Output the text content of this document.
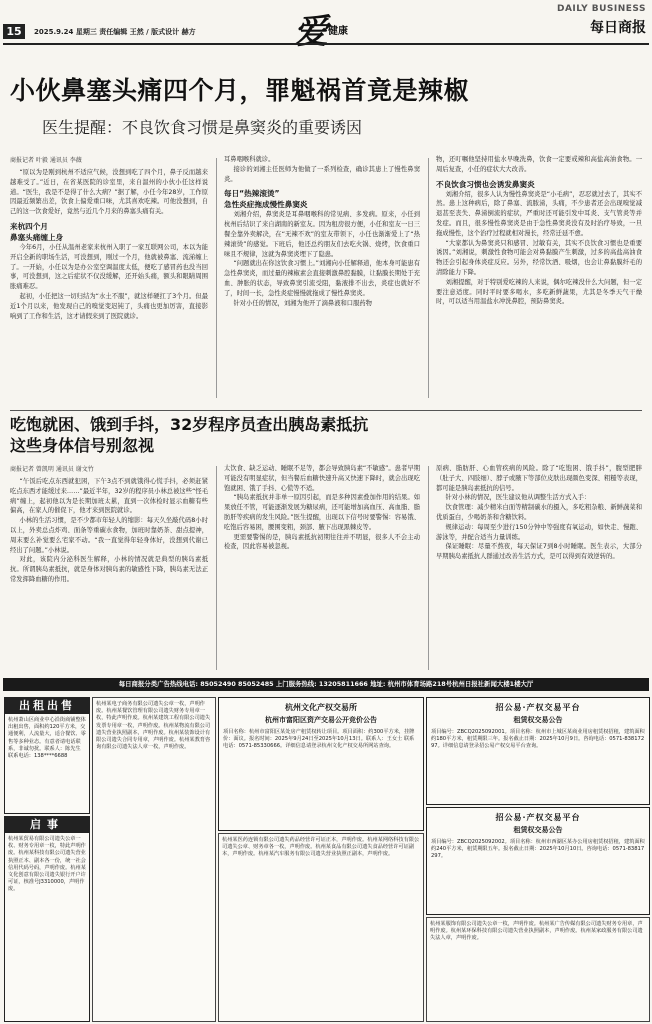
15	2025.9.24 星期三 责任编辑 王然 / 版式设计 赫方	爱 健康
DAILY BUSINESS
每日商报
小伙鼻塞头痛四个月，罪魁祸首竟是辣椒
医生提醒：不良饮食习惯是鼻窦炎的重要诱因
商报记者 叶毅 通讯员 李薇
“原以为是刚到杭州不适应气候，没想到吃了四个月，鼻子反而越来越难受了。”近日，在省某医院的诊室里，来自温州的小伙小任这样说道。“医生，我是不是得了什么大病？”据了解，小任今年28岁，工作原因最近频繁出差，饮食上偏爱重口味，尤其喜欢吃辣。可他没想到，自己的这一饮食爱好，竟然与近几个月来的鼻塞头痛有关。
来杭四个月
鼻塞头痛缠上身
今年6月，小任从温州老家来杭州入职了一家互联网公司，本以为能开启全新的职场生活，可没想到，刚过一个月，他就被鼻塞、流涕缠上了。一开始，小任以为是办公室空调温度太低，便吃了感冒药也没当回事，可没想到，这之后症状不仅没缓解，还开始头痛，额头和眼睛周围胀痛难忍。
起初，小任把这一切归结为“水土不服”，就这样硬扛了3个月。但最近1个月以来，他发现自己的嗅觉变迟钝了，头痛也更加厉害，直接影响到了工作和生活，这才请假来到了医院就诊。
耳鼻咽喉科就诊。
接诊的刘湘主任医师为他做了一系列检查，确诊其患上了慢性鼻窦炎。
每日“热辣滚烫”
急性炎症拖成慢性鼻窦炎
刘湘介绍，鼻窦炎是耳鼻咽喉科的常见病、多发病。原来，小任到杭州后结识了来自湖南的新室友。因为租房很方便，小任和室友一日三餐全靠外卖解决，在“无辣不欢”的室友带领下，小任也渐渐爱上了“热辣滚烫”的感觉。下班后，他还总约朋友们去吃火锅、烧烤，饮食重口味且不规律，这就为鼻窦炎埋下了隐患。
“问题就出在你这饮食习惯上。”刘湘向小任解释道，他本身可能患有急性鼻窦炎，而过量的辣椒素会直接刺激鼻腔黏膜，让黏膜长期处于充血、肿胀的状态，导致鼻窦引流受阻，黏液排不出去，炎症也就好不了，时间一长，急性炎症慢慢就拖成了慢性鼻窦炎。
针对小任的情况，刘湘为他开了滴鼻液和口服药物
物，还叮嘱他坚持用盐水早晚洗鼻，饮食一定要戒辣和高盐高油食物。一周后复查，小任的症状大大改善。
不良饮食习惯也会诱发鼻窦炎
刘湘介绍，很多人认为慢性鼻窦炎是“小毛病”，忍忍就过去了，其实不然。患上这种病后，除了鼻塞、流脓涕，头痛，不少患者还会出现嗅觉减退甚至丧失、鼻涕倒流的症状，严重时还可能引发中耳炎、支气管炎等并发症。而且，很多慢性鼻窦炎是由于急性鼻窦炎没有及时治疗导致，一旦拖成慢性，这个治疗过程就相对漫长，经常迁延不愈。
“大家都认为鼻窦炎只和感冒、过敏有关，其实不良饮食习惯也是重要诱因。”刘湘说，刺激性食物可能会对鼻黏膜产生刺激，过多的高盐高油食物还会引起身体炎症反应。另外，经常饮酒、吸烟，也会让鼻黏膜纤毛的清除能力下降。
刘湘提醒，对于特别爱吃辣的人来说，偶尔吃辣没什么大问题，但一定要注意适度。同时平时要多喝水，多吃新鲜蔬果，尤其是冬季天气干燥时，可以适当用温盐水冲洗鼻腔，预防鼻窦炎。
吃饱就困、饿到手抖，32岁程序员查出胰岛素抵抗
这些身体信号别忽视
商报记者 曾凯明 通讯员 谢文竹
“午饭后吃点东西就犯困，下午3点不到就饿得心慌手抖，必须赶紧吃点东西才能缓过来……”最近半年，32岁的程序员小林总被这些“怪毛病”缠上，起初他以为是长期加班太累，直到一次体检时显示血糖有些偏高，在家人的催促下，他才来到医院就诊。
小林的生活习惯，是不少都市年轻人的缩影：每天久坐敲代码8小时以上，外卖总点炸鸡、面条等重碳水食物，加班时靠奶茶、甜点提神，周末要么补觉要么宅家不动。“我一直觉得年轻身体好，没想到代谢已经出了问题。”小林说。
对此，该院内分泌科医生解释，小林的情况就是典型的胰岛素抵抗。所谓胰岛素抵抗，就是身体对胰岛素的敏感性下降，胰岛素无法正常发挥降血糖的作用。
太饮食、缺乏运动、睡眠不足等，都会导致胰岛素“不敏感”。患者早期可能没有明显症状，但当餐后血糖快速升高又快速下降时，就会出现吃饱就困、饿了手抖、心慌等不适。
“胰岛素抵抗并非单一原因引起，而是多种因素叠加作用的结果。如果放任不管，可能逐渐发展为糖尿病，还可能增加高血压、高血脂、脂肪肝等疾病的发生风险。”医生提醒，出现以下信号时要警惕：容易饿、吃饱后容易困，腰围变粗，颈部、腋下出现黑棘皮等。
更需要警惕的是，胰岛素抵抗初期往往并不明显，很多人不会主动检查，因此容易被忽视。
原病、脂肪肝、心血管疾病的风险。除了“吃饱困、饿手抖”，腹型肥胖（肚子大、四肢细）、脖子或腋下等部位皮肤出现颜色变深、粗糙等表现，都可能是胰岛素抵抗的信号。
针对小林的情况，医生建议他从调整生活方式入手：
饮食管理：减少精米白面等精制碳水的摄入，多吃粗杂粮、新鲜蔬菜和优质蛋白，少喝奶茶和含糖饮料。
规律运动：每周至少进行150分钟中等强度有氧运动，如快走、慢跑、游泳等，并配合适当力量训练。
保证睡眠：尽量不熬夜，每天保证7到8小时睡眠。医生表示，大部分早期胰岛素抵抗人群通过改善生活方式，是可以得到有效逆转的。
每日商报分类广告热线电话: 85052490 85052485 上门服务热线: 13205811666 地址: 杭州市体育场路218号杭州日报社新闻大楼1楼大厅
出租出售
杭州萧山区商业中心沿街商铺整体出租出售，面积约120平方米，交通便利，人流量大，适合餐饮、零售等多种业态。有意者请电话联系，非诚勿扰。联系人：陈先生 联系电话：138****6688
启事
杭州某贸易有限公司遗失公章一枚、财务专用章一枚，特此声明作废。杭州某科技有限公司遗失营业执照正本、副本各一份，统一社会信用代码号码，声明作废。杭州某文化创意有限公司遗失银行开户许可证，核准号J3310000，声明作废。
杭州某电子商务有限公司遗失公章一枚，声明作废。杭州某餐饮管理有限公司遗失财务专用章一枚，特此声明作废。杭州某建筑工程有限公司遗失发票专用章一枚，声明作废。杭州某物流有限公司遗失营业执照副本，声明作废。杭州某装饰设计有限公司遗失合同专用章，声明作废。杭州某教育咨询有限公司遗失法人章一枚，声明作废。
杭州文化产权交易所
杭州市富阳区资产交易公开竞价公告
项目名称：杭州市富阳区某处房产租赁权转让项目。项目面积：约300平方米，挂牌价：面议。报名时间：2025年9月24日至2025年10月13日。联系人：王女士 联系电话：0571-85330666。详细信息请登录杭州文化产权交易所网站查询。
杭州某医药连锁有限公司遗失药品经营许可证正本，声明作废。杭州某网络科技有限公司遗失公章、财务章各一枚，声明作废。杭州某食品有限公司遗失食品经营许可证副本，声明作废。杭州某汽车服务有限公司遗失营业执照正副本，声明作废。
招公易·产权交易平台
租赁权交易公告
项目编号：ZBCQ2025092001。项目名称：杭州市上城区某商业用房租赁权招租，建筑面积约180平方米，租赁期限三年。报名截止日期：2025年10月9日。咨询电话：0571-83817297。详细信息请登录招公易产权交易平台查询。
招公易·产权交易平台
租赁权交易公告
项目编号：ZBCQ2025092002。项目名称：杭州市西湖区某办公用房租赁权招租，建筑面积约240平方米，租赁期限五年。报名截止日期：2025年10月10日。咨询电话：0571-83817297。
杭州某服饰有限公司遗失公章一枚，声明作废。杭州某广告传媒有限公司遗失财务专用章，声明作废。杭州某环保科技有限公司遗失营业执照副本，声明作废。杭州某家政服务有限公司遗失法人章，声明作废。
